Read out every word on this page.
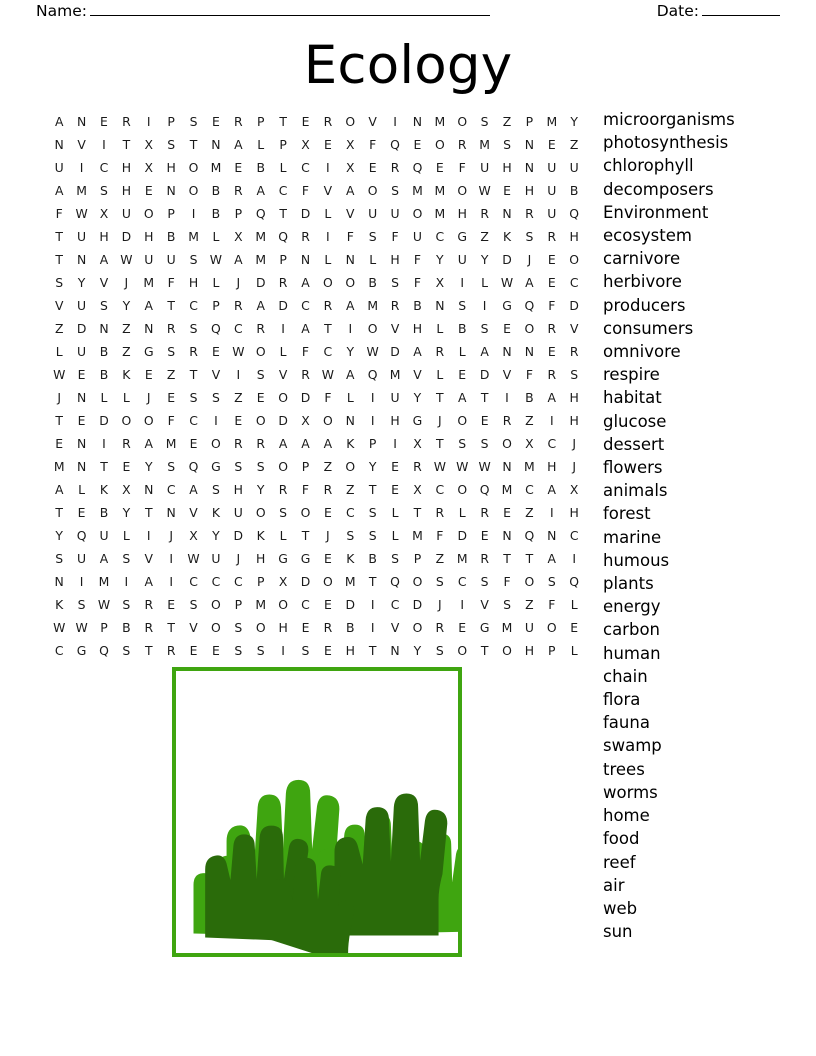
Name:	Date:
Ecology
A	N	E	R	I	P	S	E	R	P	T	E	R	O	V	I	N	M O	S	Z	P	M	Y
N	V	I	T	X	S	T	N	A	L	P	X	E	X	F	Q	E	O	R	M	S	N	E	Z
U	I	C	H	X	H	O M	E	B	L	C	I	X	E	R	Q	E	F	U	H	N	U	U
A	M	S	H	E	N	O	B	R	A	C	F	V	A	O	S	M M O W E	H	U	B
F	W X	U	O	P	I	B	P	Q	T	D	L	V	U	U	O M H	R	N	R	U	Q
T	U	H	D	H	B	M	L	X	M Q	R	I	F	S	F	U	C	G	Z	K	S	R	H
T	N	A W U	U	S W A	M	P	N	L	N	L	H	F	Y	U	Y	D	J	E	O
S	Y	V	J	M	F	H	L	J	D	R	A	O	O	B	S	F	X	I	L	W A	E	C
V	U	S	Y	A	T	C	P	R	A	D	C	R	A	M	R	B	N	S	I	G	Q	F	D
Z	D	N	Z	N	R	S	Q	C	R	I	A	T	I	O	V	H	L	B	S	E	O	R	V
L	U	B	Z	G	S	R	E W O	L	F	C	Y	W D	A	R	L	A	N	N	E	R
W E	B	K	E	Z	T	V	I	S	V	R W A	Q M	V	L	E	D	V	F	R	S
J	N	L	L	J	E	S	S	Z	E	O	D	F	L	I	U	Y	T	A	T	I	B	A	H
T	E	D	O	O	F	C	I	E	O	D	X	O	N	I	H	G	J	O	E	R	Z	I	H
E	N	I	R	A	M	E	O	R	R	A	A	A	K	P	I	X	T	S	S	O	X	C	J
M N	T	E	Y	S	Q	G	S	S	O	P	Z	O	Y	E	R W W W N	M H	J
A	L	K	X	N	C	A	S	H	Y	R	F	R	Z	T	E	X	C	O	Q M	C	A	X
T	E	B	Y	T	N	V	K	U	O	S	O	E	C	S	L	T	R	L	R	E	Z	I	H
Y	Q	U	L	I	J	X	Y	D	K	L	T	J	S	S	L	M	F	D	E	N	Q	N	C
S	U	A	S	V	I	W U	J	H	G	G	E	K	B	S	P	Z	M	R	T	T	A	I
N	I	M	I	A	I	C	C	C	P	X	D	O M	T	Q	O	S	C	S	F	O	S	Q
K	S W S	R	E	S	O	P	M O	C	E	D	I	C	D	J	I	V	S	Z	F	L
W W	P	B	R	T	V	O	S	O	H	E	R	B	I	V	O	R	E	G M	U	O	E
C	G	Q	S	T	R	E	E	S	S	I	S	E	H	T	N	Y	S	O	T	O	H	P	L
microorganisms
photosynthesis
chlorophyll
decomposers
Environment
ecosystem
carnivore
herbivore
producers
consumers
omnivore
respire
habitat
glucose
dessert
flowers
animals
forest
marine
humous
plants
energy
carbon
human
chain
flora
fauna
swamp
trees
worms
home
food
reef
air
web
sun
